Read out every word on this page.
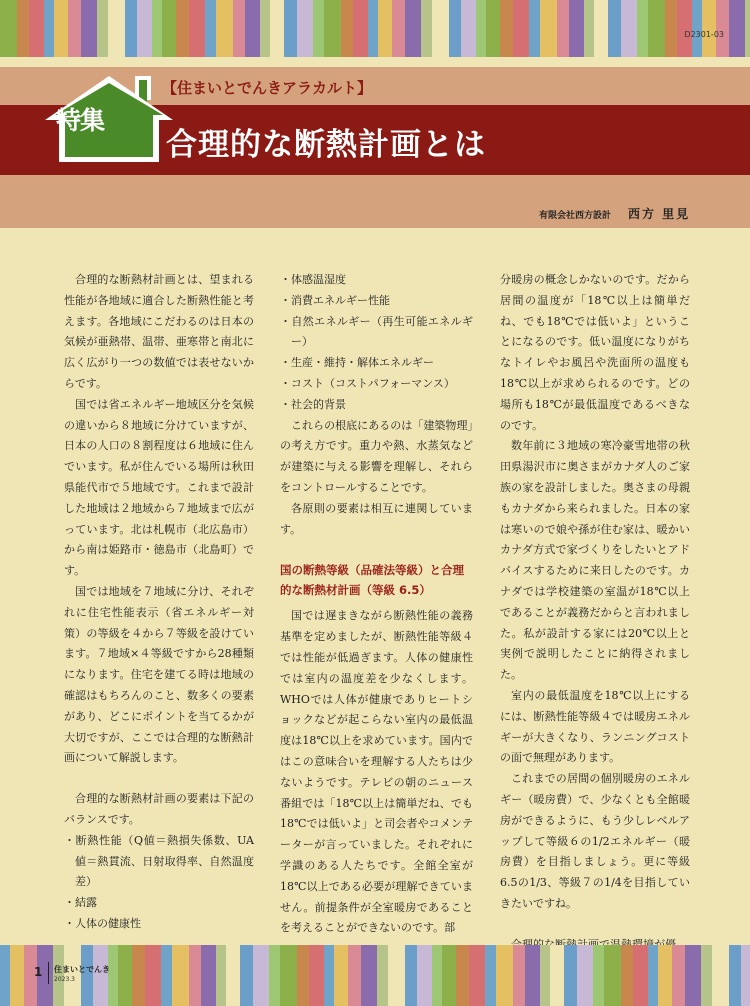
D2301-03
特集
【住まいとでんきアラカルト】
合理的な断熱計画とは
有限会社西方設計 西方 里見

合理的な断熱材計画とは、望まれる性能が各地域に適合した断熱性能と考えます。各地域にこだわるのは日本の気候が亜熱帯、温帯、亜寒帯と南北に広く広がり一つの数値では表せないからです。

国では省エネルギー地域区分を気候の違いから８地域に分けていますが、日本の人口の８割程度は６地域に住んでいます。私が住んでいる場所は秋田県能代市で５地域です。これまで設計した地域は２地域から７地域まで広がっています。北は札幌市（北広島市）から南は姫路市・徳島市（北島町）です。

国では地域を７地域に分け、それぞれに住宅性能表示（省エネルギー対策）の等級を４から７等級を設けています。７地域×４等級ですから28種類になります。住宅を建てる時は地域の確認はもちろんのこと、数多くの要素があり、どこにポイントを当てるかが大切ですが、ここでは合理的な断熱計画について解説します。

合理的な断熱材計画の要素は下記のバランスです。

・断熱性能（Q値＝熱損失係数、UA値＝熱貫流、日射取得率、自然温度差）

・結露

・人体の健康性

・体感温湿度

・消費エネルギー性能

・自然エネルギー（再生可能エネルギー）

・生産・維持・解体エネルギー

・コスト（コストパフォーマンス）

・社会的背景

これらの根底にあるのは「建築物理」の考え方です。重力や熱、水蒸気などが建築に与える影響を理解し、それらをコントロールすることです。

各原則の要素は相互に連関しています。

国の断熱等級（品確法等級）と合理的な断熱材計画（等級 6.5）

国では遅まきながら断熱性能の義務基準を定めましたが、断熱性能等級４では性能が低過ぎます。人体の健康性では室内の温度差を少なくします。WHOでは人体が健康でありヒートショックなどが起こらない室内の最低温度は18℃以上を求めています。国内ではこの意味合いを理解する人たちは少ないようです。テレビの朝のニュース番組では「18℃以上は簡単だね、でも18℃では低いよ」と司会者やコメンテーターが言っていました。それぞれに学識のある人たちです。全館全室が18℃以上である必要が理解できていません。前提条件が全室暖房であることを考えることができないのです。部

分暖房の概念しかないのです。だから居間の温度が「18℃以上は簡単だね、でも18℃では低いよ」ということになるのです。低い温度になりがちなトイレやお風呂や洗面所の温度も18℃以上が求められるのです。どの場所も18℃が最低温度であるべきなのです。

数年前に３地域の寒冷豪雪地帯の秋田県湯沢市に奥さまがカナダ人のご家族の家を設計しました。奥さまの母親もカナダから来られました。日本の家は寒いので娘や孫が住む家は、暖かいカナダ方式で家づくりをしたいとアドバイスするために来日したのです。カナダでは学校建築の室温が18℃以上であることが義務だからと言われました。私が設計する家には20℃以上と実例で説明したことに納得されました。

室内の最低温度を18℃以上にするには、断熱性能等級４では暖房エネルギーが大きくなり、ランニングコストの面で無理があります。

これまでの居間の個別暖房のエネルギー（暖房費）で、少なくとも全館暖房ができるように、もう少しレベルアップして等級６の1/2エネルギー（暖房費）を目指しましょう。更に等級6.5の1/3、等級７の1/4を目指していきたいですね。

1 住まいとでんき
2023.3
